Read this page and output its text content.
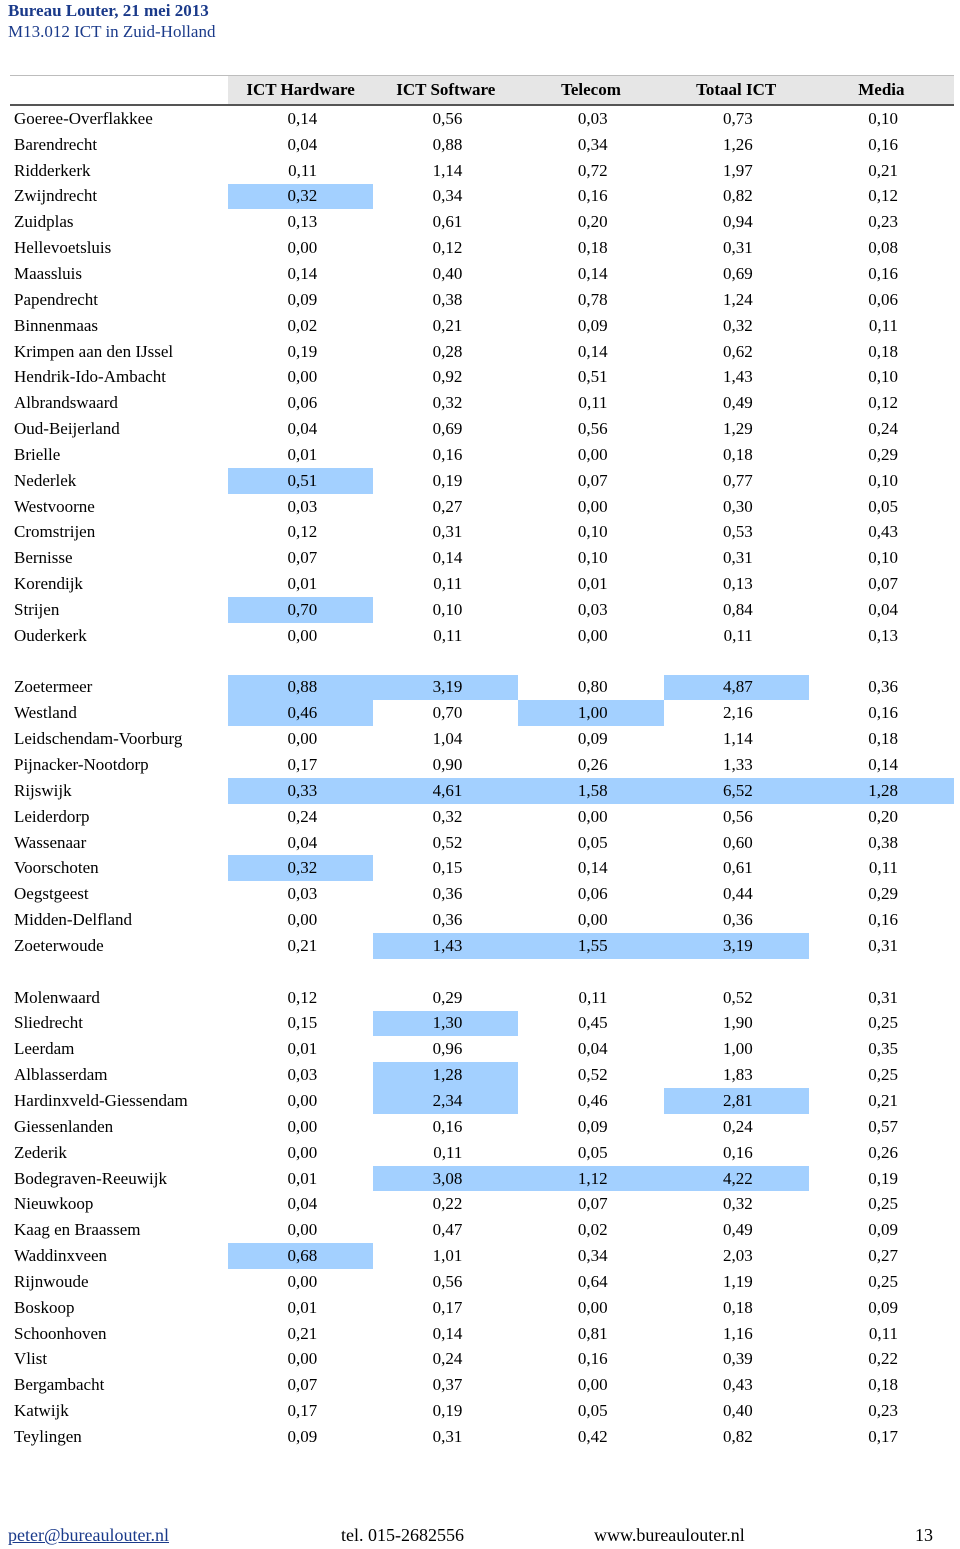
Bureau Louter, 21 mei 2013
M13.012 ICT in Zuid-Holland
	ICT Hardware	ICT Software	Telecom	Totaal ICT	Media
Goeree-Overflakkee	0,14	0,56	0,03	0,73	0,10
Barendrecht	0,04	0,88	0,34	1,26	0,16
Ridderkerk	0,11	1,14	0,72	1,97	0,21
Zwijndrecht	0,32	0,34	0,16	0,82	0,12
Zuidplas	0,13	0,61	0,20	0,94	0,23
Hellevoetsluis	0,00	0,12	0,18	0,31	0,08
Maassluis	0,14	0,40	0,14	0,69	0,16
Papendrecht	0,09	0,38	0,78	1,24	0,06
Binnenmaas	0,02	0,21	0,09	0,32	0,11
Krimpen aan den IJssel	0,19	0,28	0,14	0,62	0,18
Hendrik-Ido-Ambacht	0,00	0,92	0,51	1,43	0,10
Albrandswaard	0,06	0,32	0,11	0,49	0,12
Oud-Beijerland	0,04	0,69	0,56	1,29	0,24
Brielle	0,01	0,16	0,00	0,18	0,29
Nederlek	0,51	0,19	0,07	0,77	0,10
Westvoorne	0,03	0,27	0,00	0,30	0,05
Cromstrijen	0,12	0,31	0,10	0,53	0,43
Bernisse	0,07	0,14	0,10	0,31	0,10
Korendijk	0,01	0,11	0,01	0,13	0,07
Strijen	0,70	0,10	0,03	0,84	0,04
Ouderkerk	0,00	0,11	0,00	0,11	0,13

Zoetermeer	0,88	3,19	0,80	4,87	0,36
Westland	0,46	0,70	1,00	2,16	0,16
Leidschendam-Voorburg	0,00	1,04	0,09	1,14	0,18
Pijnacker-Nootdorp	0,17	0,90	0,26	1,33	0,14
Rijswijk	0,33	4,61	1,58	6,52	1,28
Leiderdorp	0,24	0,32	0,00	0,56	0,20
Wassenaar	0,04	0,52	0,05	0,60	0,38
Voorschoten	0,32	0,15	0,14	0,61	0,11
Oegstgeest	0,03	0,36	0,06	0,44	0,29
Midden-Delfland	0,00	0,36	0,00	0,36	0,16
Zoeterwoude	0,21	1,43	1,55	3,19	0,31

Molenwaard	0,12	0,29	0,11	0,52	0,31
Sliedrecht	0,15	1,30	0,45	1,90	0,25
Leerdam	0,01	0,96	0,04	1,00	0,35
Alblasserdam	0,03	1,28	0,52	1,83	0,25
Hardinxveld-Giessendam	0,00	2,34	0,46	2,81	0,21
Giessenlanden	0,00	0,16	0,09	0,24	0,57
Zederik	0,00	0,11	0,05	0,16	0,26
Bodegraven-Reeuwijk	0,01	3,08	1,12	4,22	0,19
Nieuwkoop	0,04	0,22	0,07	0,32	0,25
Kaag en Braassem	0,00	0,47	0,02	0,49	0,09
Waddinxveen	0,68	1,01	0,34	2,03	0,27
Rijnwoude	0,00	0,56	0,64	1,19	0,25
Boskoop	0,01	0,17	0,00	0,18	0,09
Schoonhoven	0,21	0,14	0,81	1,16	0,11
Vlist	0,00	0,24	0,16	0,39	0,22
Bergambacht	0,07	0,37	0,00	0,43	0,18
Katwijk	0,17	0,19	0,05	0,40	0,23
Teylingen	0,09	0,31	0,42	0,82	0,17
peter@bureaulouter.nl	tel. 015-2682556	www.bureaulouter.nl	13
